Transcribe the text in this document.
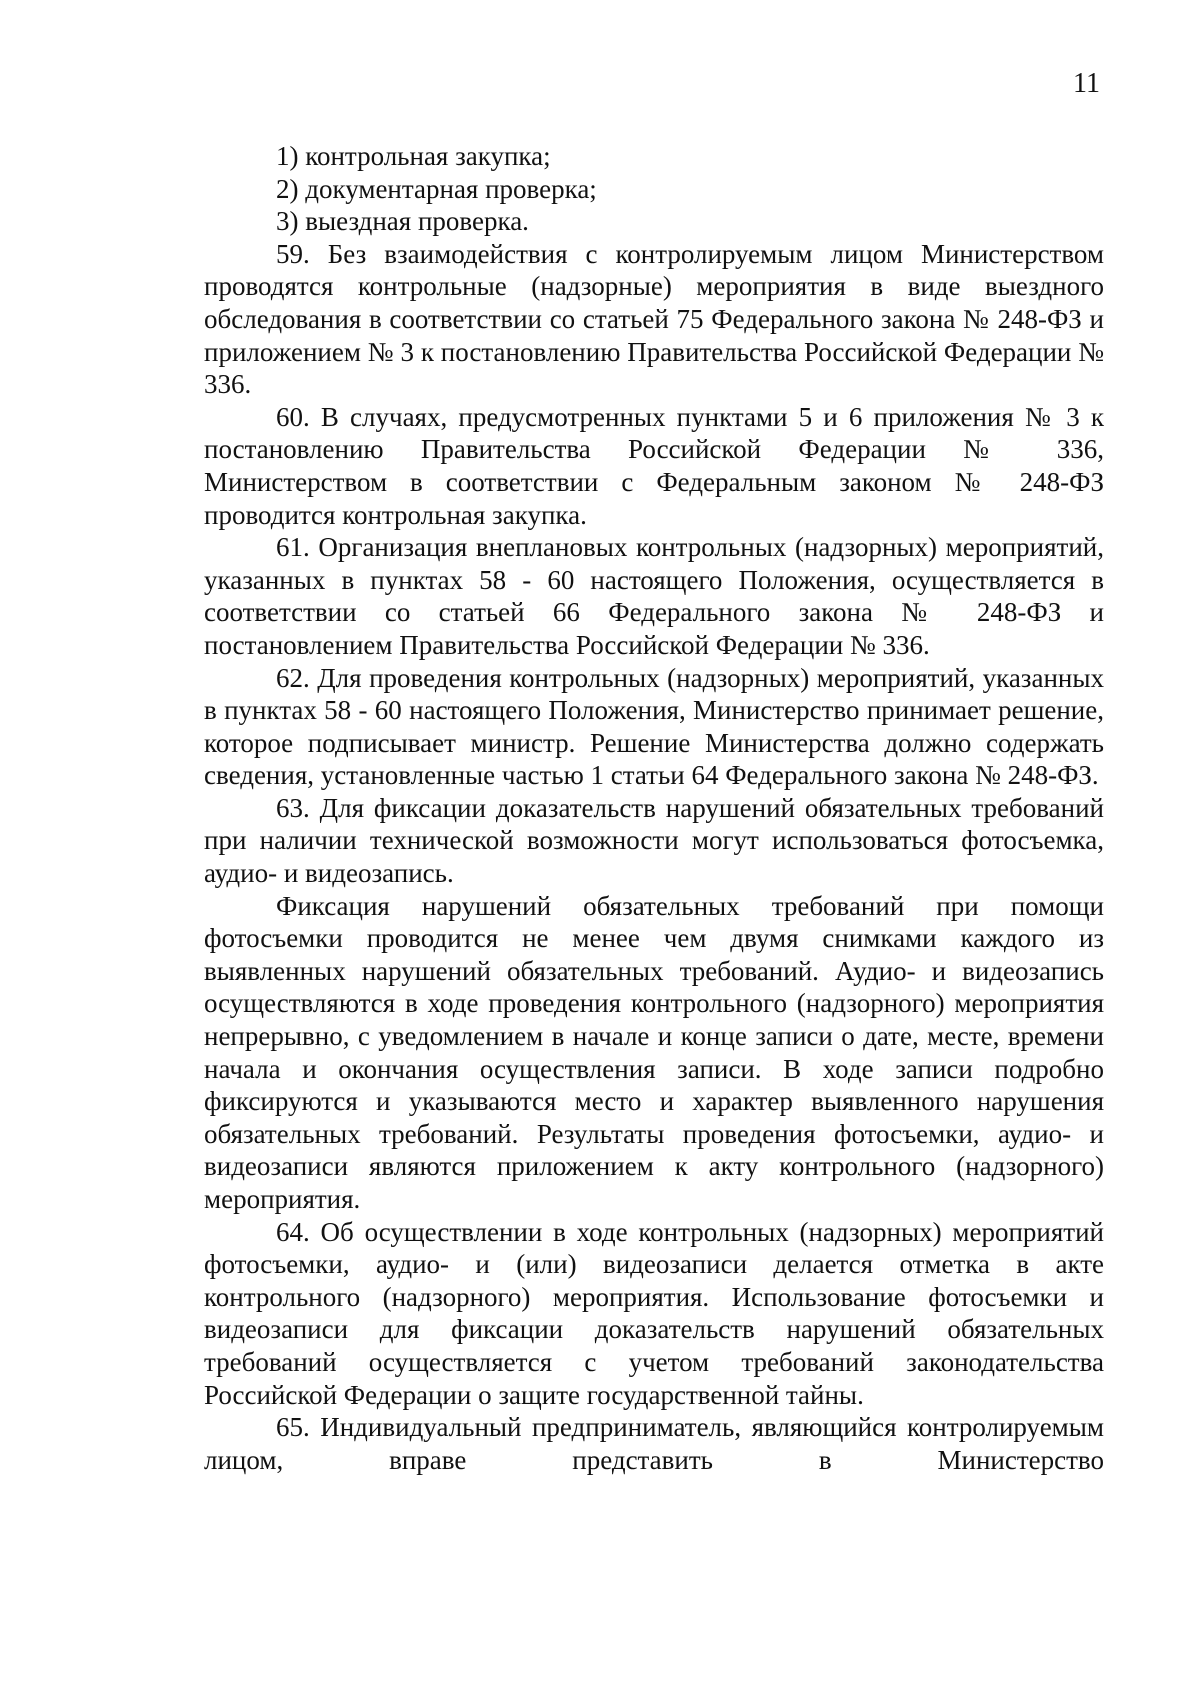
11

1) контрольная закупка;

2) документарная проверка;

3) выездная проверка.

59. Без взаимодействия с контролируемым лицом Министерством проводятся контрольные (надзорные) мероприятия в виде выездного обследования в соответствии со статьей 75 Федерального закона № 248-ФЗ и приложением № 3 к постановлению Правительства Российской Федерации № 336.

60. В случаях, предусмотренных пунктами 5 и 6 приложения № 3 к постановлению Правительства Российской Федерации № 336, Министерством в соответствии с Федеральным законом № 248-ФЗ проводится контрольная закупка.

61. Организация внеплановых контрольных (надзорных) мероприятий, указанных в пунктах 58 - 60 настоящего Положения, осуществляется в соответствии со статьей 66 Федерального закона № 248-ФЗ и постановлением Правительства Российской Федерации № 336.

62. Для проведения контрольных (надзорных) мероприятий, указанных в пунктах 58 - 60 настоящего Положения, Министерство принимает решение, которое подписывает министр. Решение Министерства должно содержать сведения, установленные частью 1 статьи 64 Федерального закона № 248-ФЗ.

63. Для фиксации доказательств нарушений обязательных требований при наличии технической возможности могут использоваться фотосъемка, аудио- и видеозапись.

Фиксация нарушений обязательных требований при помощи фотосъемки проводится не менее чем двумя снимками каждого из выявленных нарушений обязательных требований. Аудио- и видеозапись осуществляются в ходе проведения контрольного (надзорного) мероприятия непрерывно, с уведомлением в начале и конце записи о дате, месте, времени начала и окончания осуществления записи. В ходе записи подробно фиксируются и указываются место и характер выявленного нарушения обязательных требований. Результаты проведения фотосъемки, аудио- и видеозаписи являются приложением к акту контрольного (надзорного) мероприятия.

64. Об осуществлении в ходе контрольных (надзорных) мероприятий фотосъемки, аудио- и (или) видеозаписи делается отметка в акте контрольного (надзорного) мероприятия. Использование фотосъемки и видеозаписи для фиксации доказательств нарушений обязательных требований осуществляется с учетом требований законодательства Российской Федерации о защите государственной тайны.

65. Индивидуальный предприниматель, являющийся контролируемым лицом, вправе представить в Министерство
